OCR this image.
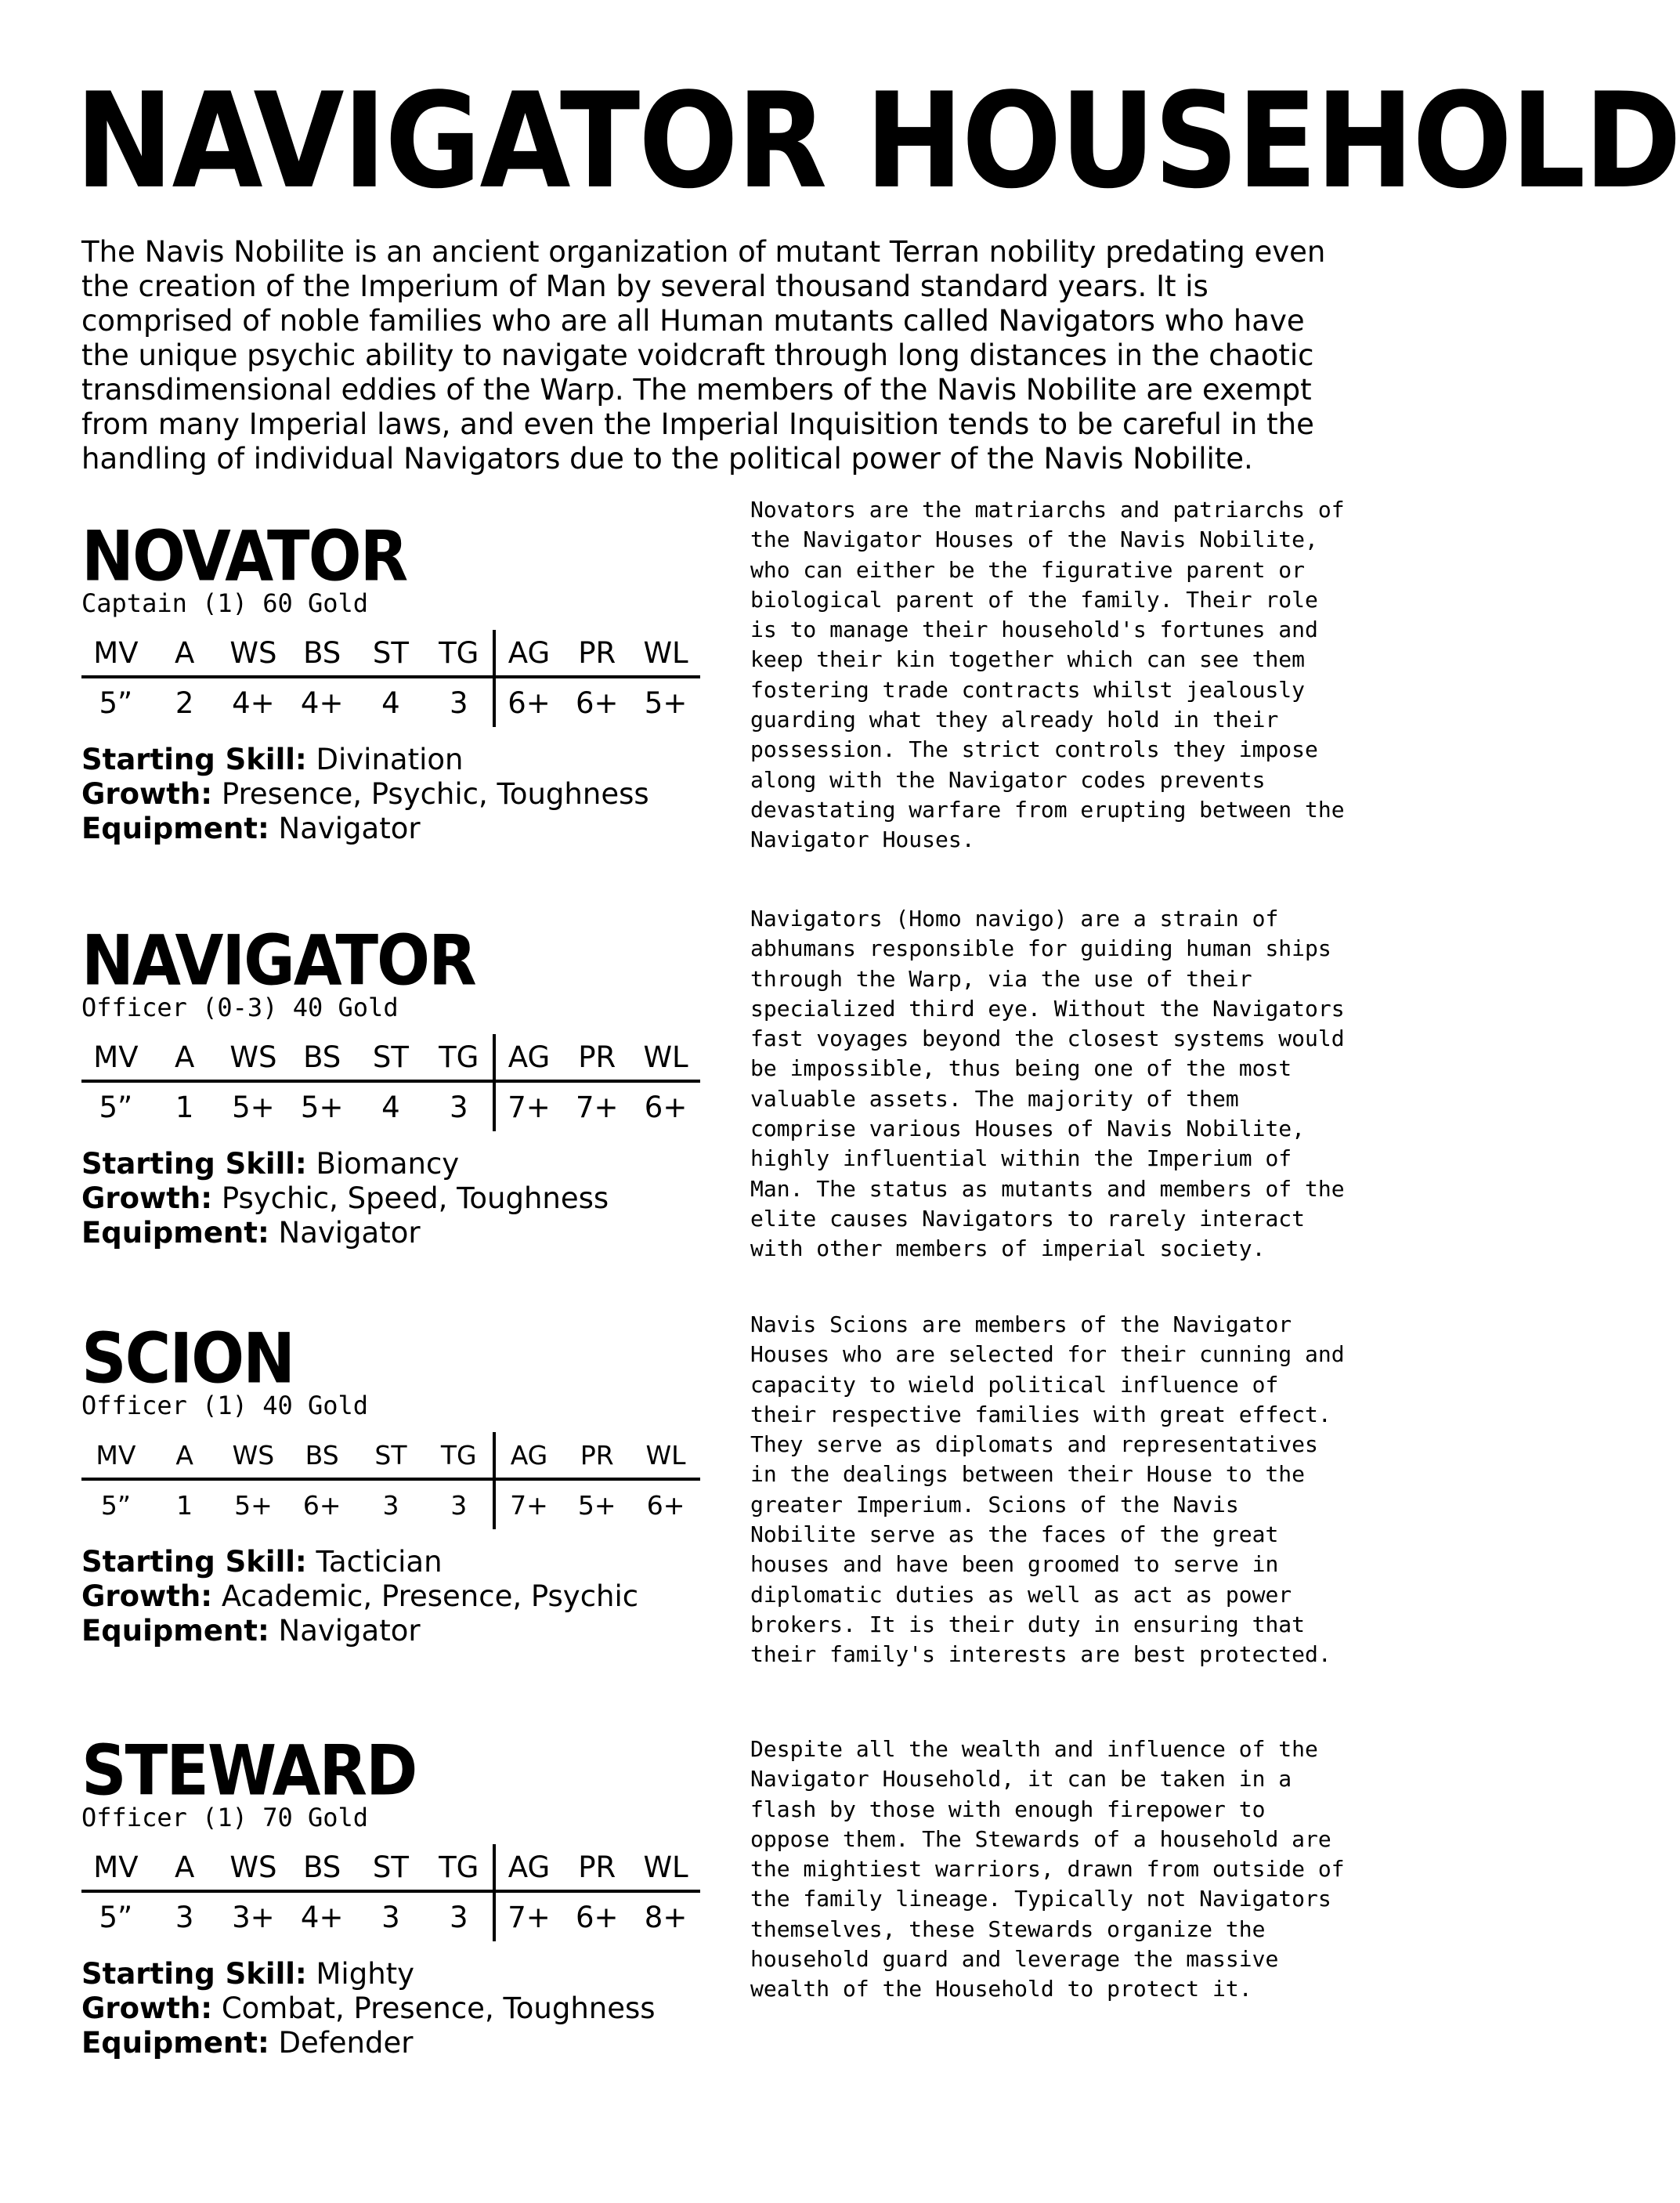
NAVIGATOR HOUSEHOLD

The Navis Nobilite is an ancient organization of mutant Terran nobility predating even the creation of the Imperium of Man by several thousand standard years. It is comprised of noble families who are all Human mutants called Navigators who have the unique psychic ability to navigate voidcraft through long distances in the chaotic transdimensional eddies of the Warp. The members of the Navis Nobilite are exempt from many Imperial laws, and even the Imperial Inquisition tends to be careful in the handling of individual Navigators due to the political power of the Navis Nobilite.

NOVATOR
Captain (1) 60 Gold
MV	A	WS	BS	ST	TG	AG	PR	WL
5”	2	4+	4+	4	3	6+	6+	5+
Starting Skill: Divination
Growth: Presence, Psychic, Toughness
Equipment: Navigator

Novators are the matriarchs and patriarchs of the Navigator Houses of the Navis Nobilite, who can either be the figurative parent or biological parent of the family. Their role is to manage their household's fortunes and keep their kin together which can see them fostering trade contracts whilst jealously guarding what they already hold in their possession. The strict controls they impose along with the Navigator codes prevents devastating warfare from erupting between the Navigator Houses.

NAVIGATOR
Officer (0-3) 40 Gold
MV	A	WS	BS	ST	TG	AG	PR	WL
5”	1	5+	5+	4	3	7+	7+	6+
Starting Skill: Biomancy
Growth: Psychic, Speed, Toughness
Equipment: Navigator

Navigators (Homo navigo) are a strain of abhumans responsible for guiding human ships through the Warp, via the use of their specialized third eye. Without the Navigators fast voyages beyond the closest systems would be impossible, thus being one of the most valuable assets. The majority of them comprise various Houses of Navis Nobilite, highly influential within the Imperium of Man. The status as mutants and members of the elite causes Navigators to rarely interact with other members of imperial society.

SCION
Officer (1) 40 Gold
MV	A	WS	BS	ST	TG	AG	PR	WL
5”	1	5+	6+	3	3	7+	5+	6+
Starting Skill: Tactician
Growth: Academic, Presence, Psychic
Equipment: Navigator

Navis Scions are members of the Navigator Houses who are selected for their cunning and capacity to wield political influence of their respective families with great effect. They serve as diplomats and representatives in the dealings between their House to the greater Imperium. Scions of the Navis Nobilite serve as the faces of the great houses and have been groomed to serve in diplomatic duties as well as act as power brokers. It is their duty in ensuring that their family's interests are best protected.

STEWARD
Officer (1) 70 Gold
MV	A	WS	BS	ST	TG	AG	PR	WL
5”	3	3+	4+	3	3	7+	6+	8+
Starting Skill: Mighty
Growth: Combat, Presence, Toughness
Equipment: Defender

Despite all the wealth and influence of the Navigator Household, it can be taken in a flash by those with enough firepower to oppose them. The Stewards of a household are the mightiest warriors, drawn from outside of the family lineage. Typically not Navigators themselves, these Stewards organize the household guard and leverage the massive wealth of the Household to protect it.
